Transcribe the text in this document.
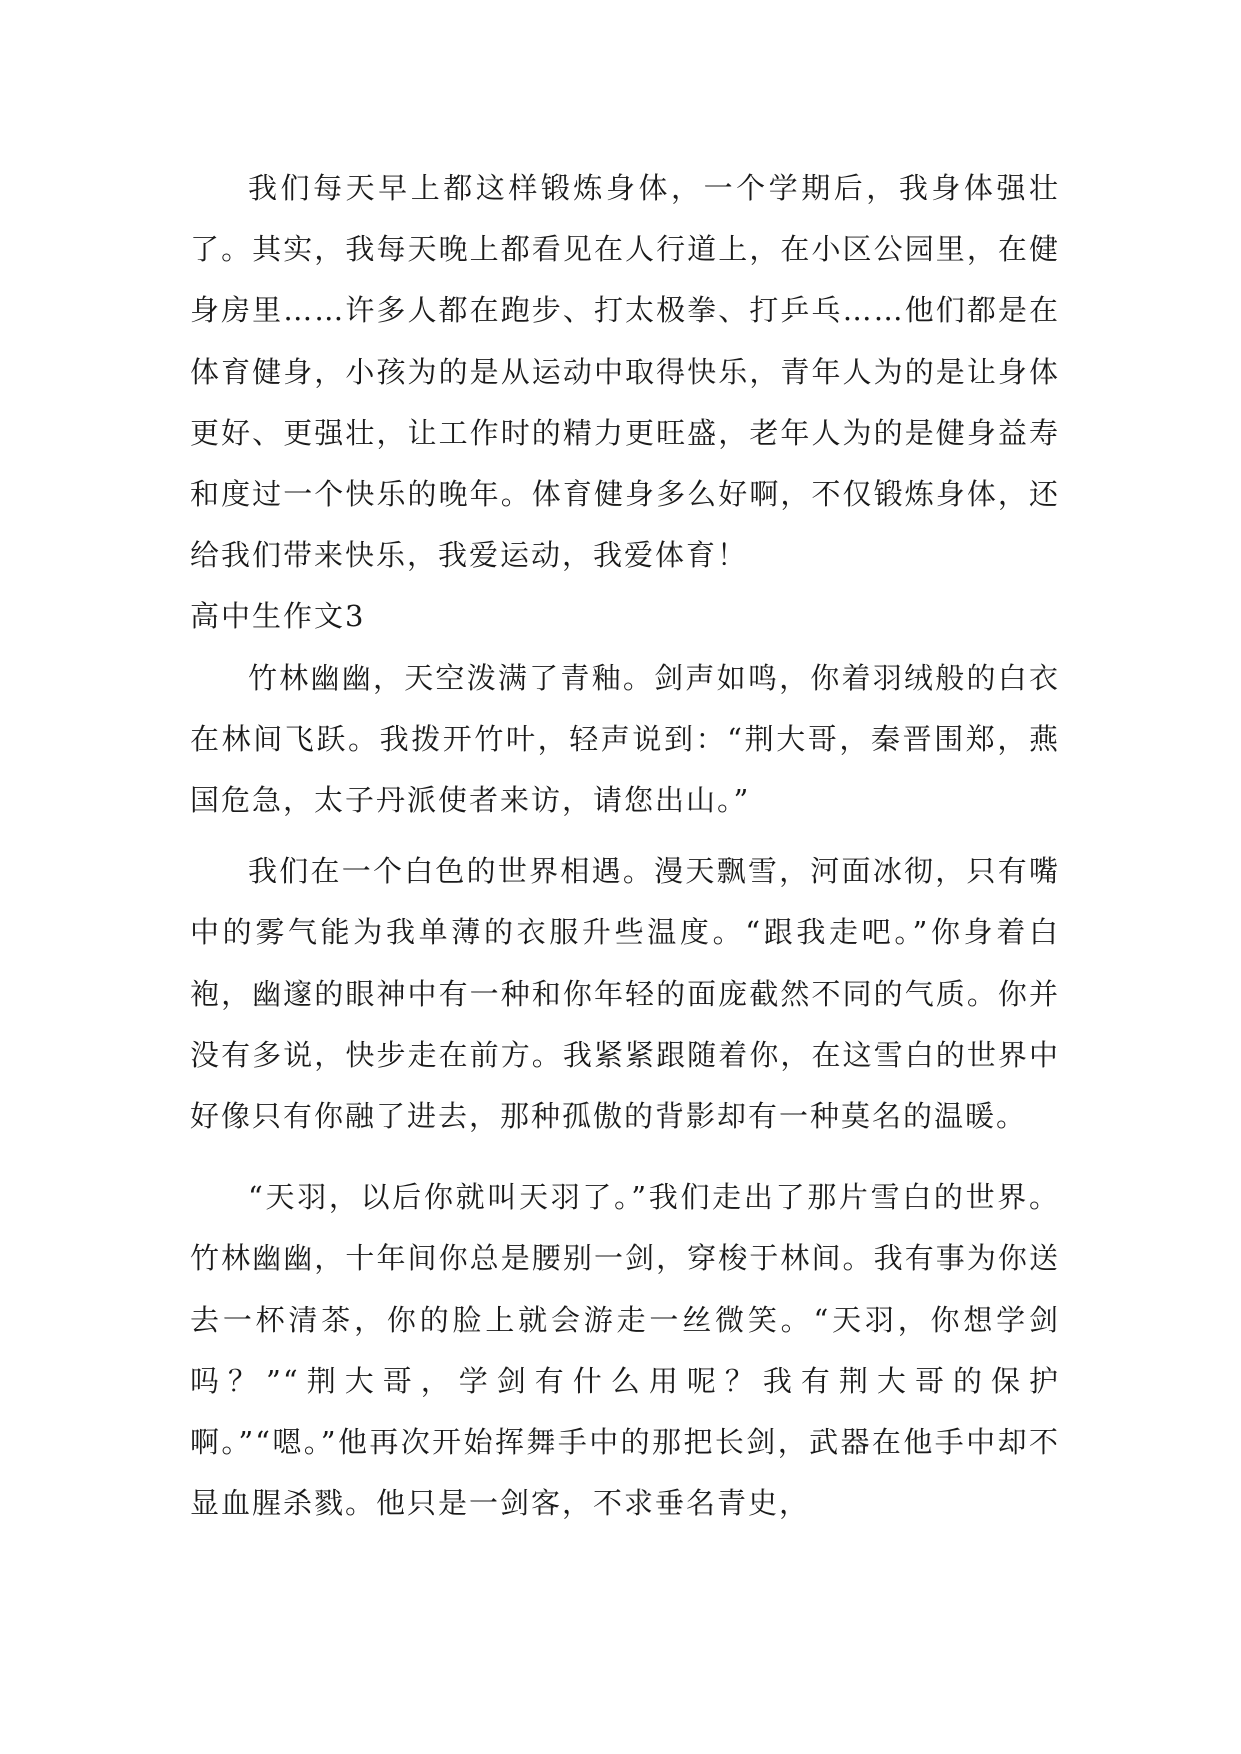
我们每天早上都这样锻炼身体，一个学期后，我身体强壮了。其实，我每天晚上都看见在人行道上，在小区公园里，在健身房里……许多人都在跑步、打太极拳、打乒乓……他们都是在体育健身，小孩为的是从运动中取得快乐，青年人为的是让身体更好、更强壮，让工作时的精力更旺盛，老年人为的是健身益寿和度过一个快乐的晚年。体育健身多么好啊，不仅锻炼身体，还给我们带来快乐，我爱运动，我爱体育！

高中生作文3

竹林幽幽，天空泼满了青釉。剑声如鸣，你着羽绒般的白衣在林间飞跃。我拨开竹叶，轻声说到：“荆大哥，秦晋围郑，燕国危急，太子丹派使者来访，请您出山。”

我们在一个白色的世界相遇。漫天飘雪，河面冰彻，只有嘴中的雾气能为我单薄的衣服升些温度。“跟我走吧。”你身着白袍，幽邃的眼神中有一种和你年轻的面庞截然不同的气质。你并没有多说，快步走在前方。我紧紧跟随着你，在这雪白的世界中好像只有你融了进去，那种孤傲的背影却有一种莫名的温暖。

“天羽，以后你就叫天羽了。”我们走出了那片雪白的世界。竹林幽幽，十年间你总是腰别一剑，穿梭于林间。我有事为你送去一杯清茶，你的脸上就会游走一丝微笑。“天羽，你想学剑吗？”“荆大哥，学剑有什么用呢？我有荆大哥的保护啊。”“嗯。”他再次开始挥舞手中的那把长剑，武器在他手中却不显血腥杀戮。他只是一剑客，不求垂名青史，
